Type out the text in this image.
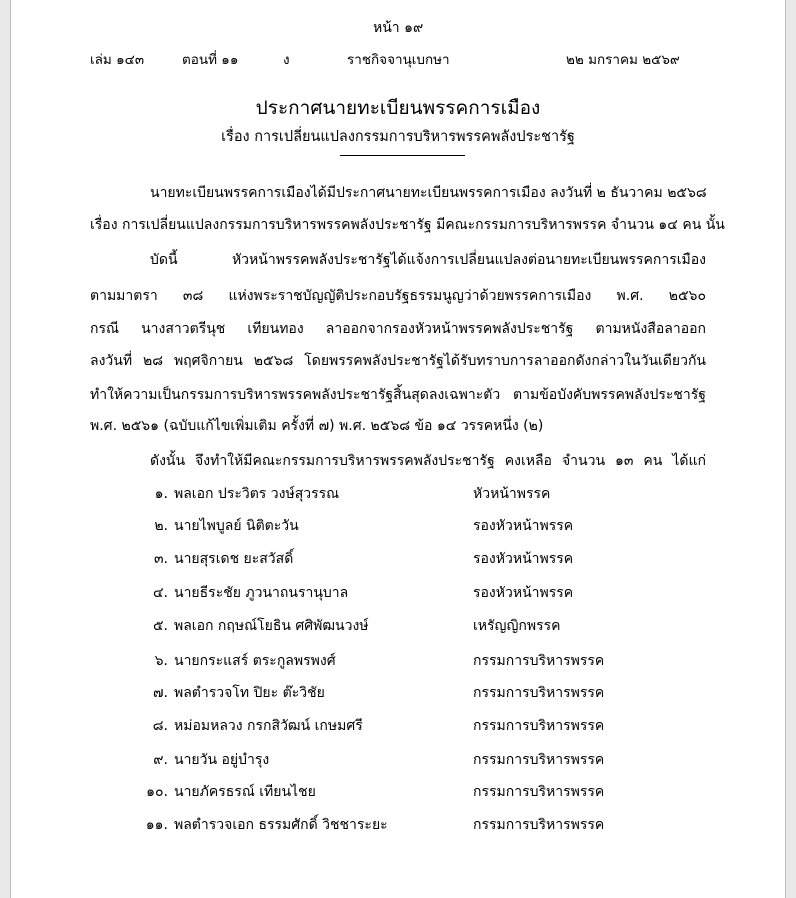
หน้า ๑๙
เล่ม ๑๔๓	ตอนที่ ๑๑	ง	ราชกิจจานุเบกษา	๒๒ มกราคม ๒๕๖๙
ประกาศนายทะเบียนพรรคการเมือง
เรื่อง การเปลี่ยนแปลงกรรมการบริหารพรรคพลังประชารัฐ
นายทะเบียนพรรคการเมืองได้มีประกาศนายทะเบียนพรรคการเมือง ลงวันที่ ๒ ธันวาคม ๒๕๖๘
เรื่อง การเปลี่ยนแปลงกรรมการบริหารพรรคพลังประชารัฐ มีคณะกรรมการบริหารพรรค จำนวน ๑๔ คน นั้น
บัดนี้ หัวหน้าพรรคพลังประชารัฐได้แจ้งการเปลี่ยนแปลงต่อนายทะเบียนพรรคการเมือง
ตามมาตรา ๓๘ แห่งพระราชบัญญัติประกอบรัฐธรรมนูญว่าด้วยพรรคการเมือง พ.ศ. ๒๕๖๐
กรณี นางสาวตรีนุช เทียนทอง ลาออกจากรองหัวหน้าพรรคพลังประชารัฐ ตามหนังสือลาออก
ลงวันที่ ๒๘ พฤศจิกายน ๒๕๖๘ โดยพรรคพลังประชารัฐได้รับทราบการลาออกดังกล่าวในวันเดียวกัน
ทำให้ความเป็นกรรมการบริหารพรรคพลังประชารัฐสิ้นสุดลงเฉพาะตัว ตามข้อบังคับพรรคพลังประชารัฐ
พ.ศ. ๒๕๖๑ (ฉบับแก้ไขเพิ่มเติม ครั้งที่ ๗) พ.ศ. ๒๕๖๘ ข้อ ๑๔ วรรคหนึ่ง (๒)
ดังนั้น จึงทำให้มีคณะกรรมการบริหารพรรคพลังประชารัฐ คงเหลือ จำนวน ๑๓ คน ได้แก่
๑. พลเอก ประวิตร วงษ์สุวรรณ	หัวหน้าพรรค
๒. นายไพบูลย์ นิติตะวัน	รองหัวหน้าพรรค
๓. นายสุรเดช ยะสวัสดิ์	รองหัวหน้าพรรค
๔. นายธีระชัย ภูวนาถนรานุบาล	รองหัวหน้าพรรค
๕. พลเอก กฤษณ์โยธิน ศศิพัฒนวงษ์	เหรัญญิกพรรค
๖. นายกระแสร์ ตระกูลพรพงศ์	กรรมการบริหารพรรค
๗. พลตำรวจโท ปิยะ ต๊ะวิชัย	กรรมการบริหารพรรค
๘. หม่อมหลวง กรกสิวัฒน์ เกษมศรี	กรรมการบริหารพรรค
๙. นายวัน อยู่บำรุง	กรรมการบริหารพรรค
๑๐. นายภัครธรณ์ เทียนไชย	กรรมการบริหารพรรค
๑๑. พลตำรวจเอก ธรรมศักดิ์ วิชชาระยะ	กรรมการบริหารพรรค
